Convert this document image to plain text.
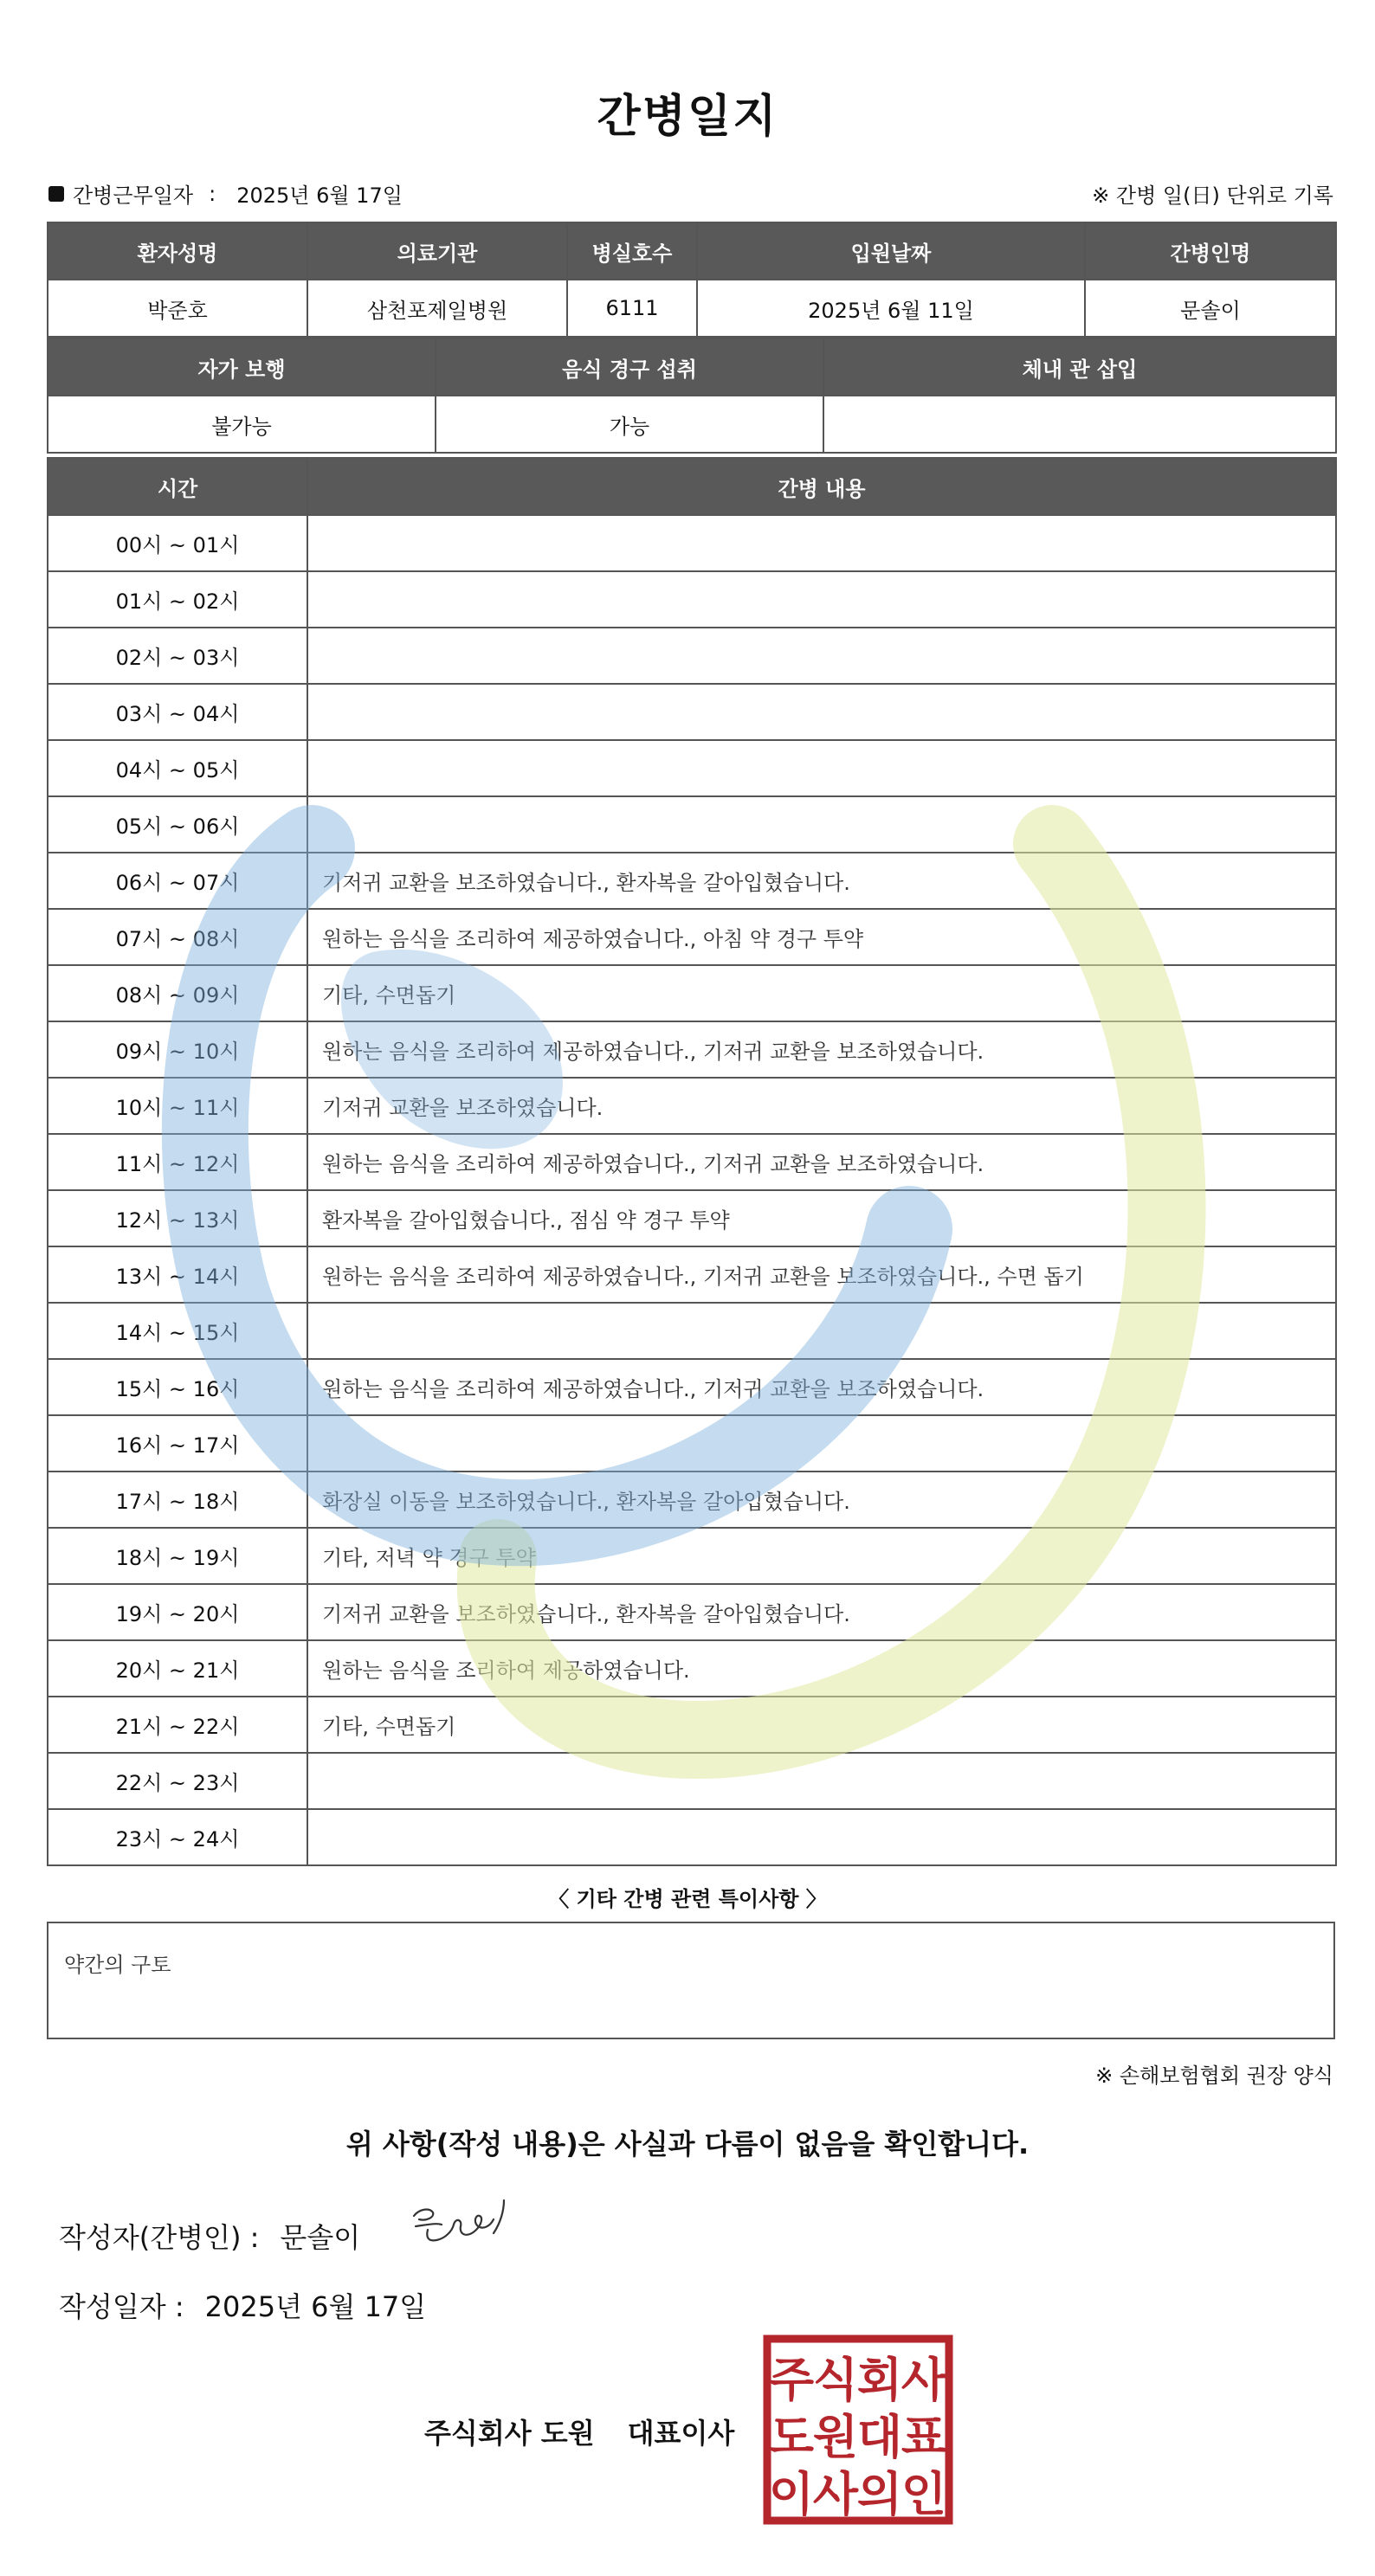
간병일지
간병근무일자 : 2025년 6월 17일	※ 간병 일(日) 단위로 기록
환자성명	의료기관	병실호수	입원날짜	간병인명
박준호	삼천포제일병원	6111	2025년 6월 11일	문솔이
자가 보행	음식 경구 섭취	체내 관 삽입
불가능	가능	
시간	간병 내용
00시 ~ 01시	
01시 ~ 02시	
02시 ~ 03시	
03시 ~ 04시	
04시 ~ 05시	
05시 ~ 06시	
06시 ~ 07시	기저귀 교환을 보조하였습니다., 환자복을 갈아입혔습니다.
07시 ~ 08시	원하는 음식을 조리하여 제공하였습니다., 아침 약 경구 투약
08시 ~ 09시	기타, 수면돕기
09시 ~ 10시	원하는 음식을 조리하여 제공하였습니다., 기저귀 교환을 보조하였습니다.
10시 ~ 11시	기저귀 교환을 보조하였습니다.
11시 ~ 12시	원하는 음식을 조리하여 제공하였습니다., 기저귀 교환을 보조하였습니다.
12시 ~ 13시	환자복을 갈아입혔습니다., 점심 약 경구 투약
13시 ~ 14시	원하는 음식을 조리하여 제공하였습니다., 기저귀 교환을 보조하였습니다., 수면 돕기
14시 ~ 15시	
15시 ~ 16시	원하는 음식을 조리하여 제공하였습니다., 기저귀 교환을 보조하였습니다.
16시 ~ 17시	
17시 ~ 18시	화장실 이동을 보조하였습니다., 환자복을 갈아입혔습니다.
18시 ~ 19시	기타, 저녁 약 경구 투약
19시 ~ 20시	기저귀 교환을 보조하였습니다., 환자복을 갈아입혔습니다.
20시 ~ 21시	원하는 음식을 조리하여 제공하였습니다.
21시 ~ 22시	기타, 수면돕기
22시 ~ 23시	
23시 ~ 24시	
〈 기타 간병 관련 특이사항 〉
약간의 구토
※ 손해보험협회 권장 양식
위 사항(작성 내용)은 사실과 다름이 없음을 확인합니다.
작성자(간병인) : 문솔이
작성일자 : 2025년 6월 17일
주식회사 도원 대표이사
주
식
회
사
도
원
대
표
이
사
의
인
